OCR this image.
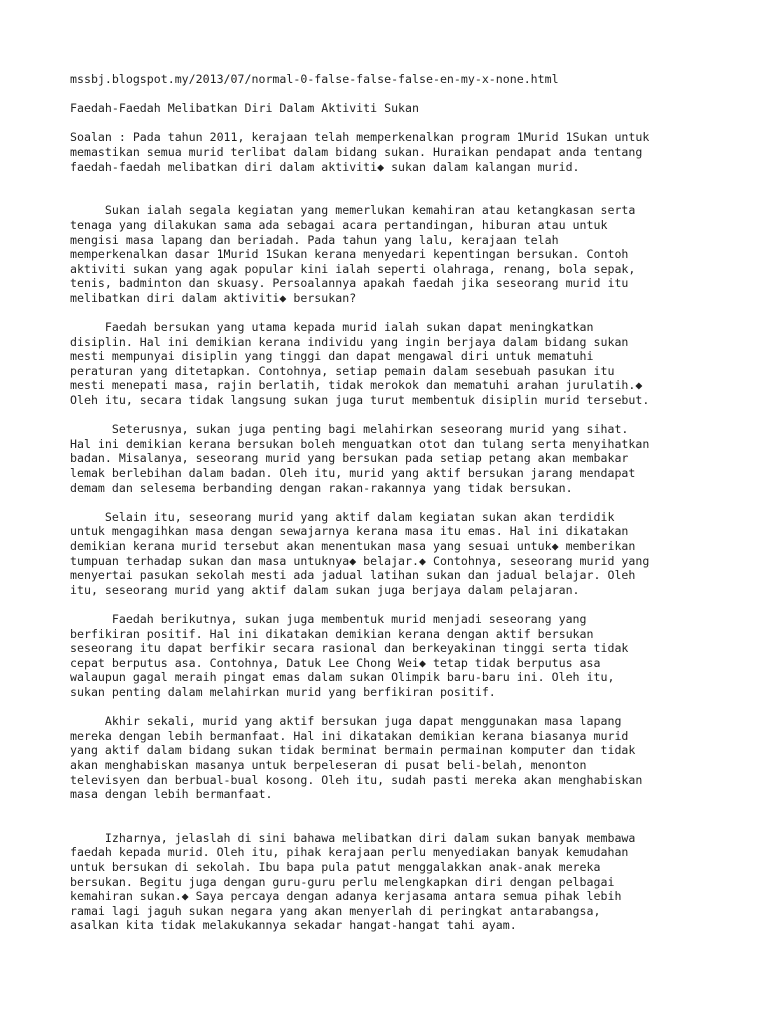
mssbj.blogspot.my/2013/07/normal-0-false-false-false-en-my-x-none.html
Faedah-Faedah Melibatkan Diri Dalam Aktiviti Sukan
Soalan : Pada tahun 2011, kerajaan telah memperkenalkan program 1Murid 1Sukan untuk
memastikan semua murid terlibat dalam bidang sukan. Huraikan pendapat anda tentang
faedah-faedah melibatkan diri dalam aktiviti◆ sukan dalam kalangan murid.
Sukan ialah segala kegiatan yang memerlukan kemahiran atau ketangkasan serta
tenaga yang dilakukan sama ada sebagai acara pertandingan, hiburan atau untuk
mengisi masa lapang dan beriadah. Pada tahun yang lalu, kerajaan telah
memperkenalkan dasar 1Murid 1Sukan kerana menyedari kepentingan bersukan. Contoh
aktiviti sukan yang agak popular kini ialah seperti olahraga, renang, bola sepak,
tenis, badminton dan skuasy. Persoalannya apakah faedah jika seseorang murid itu
melibatkan diri dalam aktiviti◆ bersukan?
Faedah bersukan yang utama kepada murid ialah sukan dapat meningkatkan
disiplin. Hal ini demikian kerana individu yang ingin berjaya dalam bidang sukan
mesti mempunyai disiplin yang tinggi dan dapat mengawal diri untuk mematuhi
peraturan yang ditetapkan. Contohnya, setiap pemain dalam sesebuah pasukan itu
mesti menepati masa, rajin berlatih, tidak merokok dan mematuhi arahan jurulatih.◆
Oleh itu, secara tidak langsung sukan juga turut membentuk disiplin murid tersebut.
Seterusnya, sukan juga penting bagi melahirkan seseorang murid yang sihat.
Hal ini demikian kerana bersukan boleh menguatkan otot dan tulang serta menyihatkan
badan. Misalanya, seseorang murid yang bersukan pada setiap petang akan membakar
lemak berlebihan dalam badan. Oleh itu, murid yang aktif bersukan jarang mendapat
demam dan selesema berbanding dengan rakan-rakannya yang tidak bersukan.
Selain itu, seseorang murid yang aktif dalam kegiatan sukan akan terdidik
untuk mengagihkan masa dengan sewajarnya kerana masa itu emas. Hal ini dikatakan
demikian kerana murid tersebut akan menentukan masa yang sesuai untuk◆ memberikan
tumpuan terhadap sukan dan masa untuknya◆ belajar.◆ Contohnya, seseorang murid yang
menyertai pasukan sekolah mesti ada jadual latihan sukan dan jadual belajar. Oleh
itu, seseorang murid yang aktif dalam sukan juga berjaya dalam pelajaran.
Faedah berikutnya, sukan juga membentuk murid menjadi seseorang yang
berfikiran positif. Hal ini dikatakan demikian kerana dengan aktif bersukan
seseorang itu dapat berfikir secara rasional dan berkeyakinan tinggi serta tidak
cepat berputus asa. Contohnya, Datuk Lee Chong Wei◆ tetap tidak berputus asa
walaupun gagal meraih pingat emas dalam sukan Olimpik baru-baru ini. Oleh itu,
sukan penting dalam melahirkan murid yang berfikiran positif.
Akhir sekali, murid yang aktif bersukan juga dapat menggunakan masa lapang
mereka dengan lebih bermanfaat. Hal ini dikatakan demikian kerana biasanya murid
yang aktif dalam bidang sukan tidak berminat bermain permainan komputer dan tidak
akan menghabiskan masanya untuk berpeleseran di pusat beli-belah, menonton
televisyen dan berbual-bual kosong. Oleh itu, sudah pasti mereka akan menghabiskan
masa dengan lebih bermanfaat.
Izharnya, jelaslah di sini bahawa melibatkan diri dalam sukan banyak membawa
faedah kepada murid. Oleh itu, pihak kerajaan perlu menyediakan banyak kemudahan
untuk bersukan di sekolah. Ibu bapa pula patut menggalakkan anak-anak mereka
bersukan. Begitu juga dengan guru-guru perlu melengkapkan diri dengan pelbagai
kemahiran sukan.◆ Saya percaya dengan adanya kerjasama antara semua pihak lebih
ramai lagi jaguh sukan negara yang akan menyerlah di peringkat antarabangsa,
asalkan kita tidak melakukannya sekadar hangat-hangat tahi ayam.
